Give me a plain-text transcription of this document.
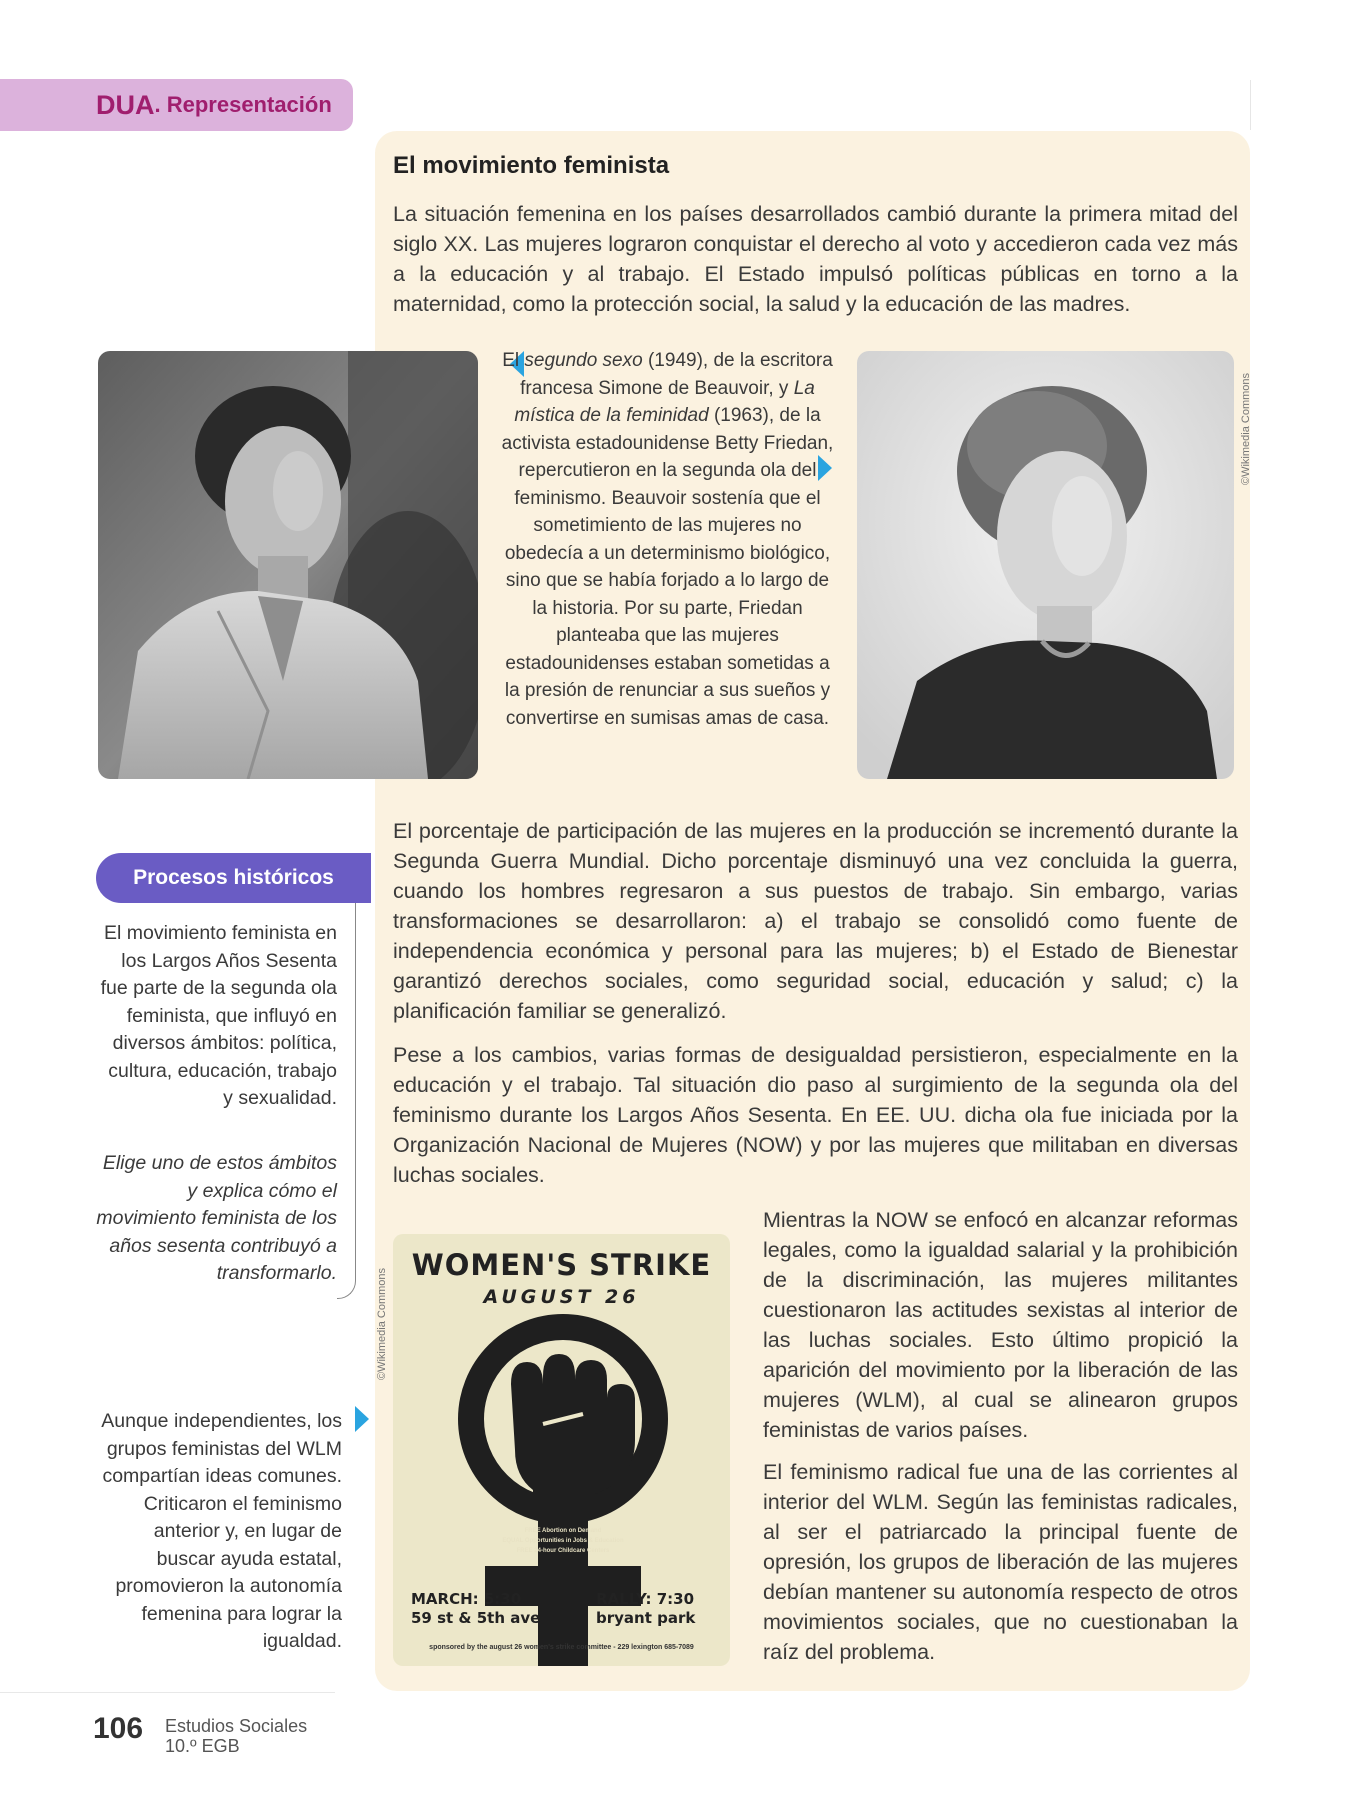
DUA . Representación
El movimiento feminista
La situación femenina en los países desarrollados cambió durante la primera mitad del siglo XX. Las mujeres lograron conquistar el derecho al voto y accedieron cada vez más a la educación y al trabajo. El Estado impulsó políticas públicas en torno a la maternidad, como la protección social, la salud y la educación de las madres.
El segundo sexo (1949), de la escritora francesa Simone de Beauvoir, y La mística de la feminidad (1963), de la activista estadounidense Betty Friedan, repercutieron en la segunda ola del feminismo. Beauvoir sostenía que el sometimiento de las mujeres no obedecía a un determinismo biológico, sino que se había forjado a lo largo de la historia. Por su parte, Friedan planteaba que las mujeres estadounidenses estaban sometidas a la presión de renunciar a sus sueños y convertirse en sumisas amas de casa.
©Wikimedia Commons
El porcentaje de participación de las mujeres en la producción se incrementó durante la Segunda Guerra Mundial. Dicho porcentaje disminuyó una vez concluida la guerra, cuando los hombres regresaron a sus puestos de trabajo. Sin embargo, varias transformaciones se desarrollaron: a) el trabajo se consolidó como fuente de independencia económica y personal para las mujeres; b) el Estado de Bienestar garantizó derechos sociales, como seguridad social, educación y salud; c) la planificación familiar se generalizó.
Pese a los cambios, varias formas de desigualdad persistieron, especialmente en la educación y el trabajo. Tal situación dio paso al surgimiento de la segunda ola del feminismo durante los Largos Años Sesenta. En EE. UU. dicha ola fue iniciada por la Organización Nacional de Mujeres (NOW) y por las mujeres que militaban en diversas luchas sociales.
Procesos históricos
El movimiento feminista en los Largos Años Sesenta fue parte de la segunda ola feminista, que influyó en diversos ámbitos: política, cultura, educación, trabajo y sexualidad.
Elige uno de estos ámbitos y explica cómo el movimiento feminista de los años sesenta contribuyó a transformarlo.
Aunque independientes, los grupos feministas del WLM compartían ideas comunes. Criticaron el feminismo anterior y, en lugar de buscar ayuda estatal, promovieron la autonomía femenina para lograr la igualdad.
©Wikimedia Commons
WOMEN'S STRIKE
AUGUST 26
FREE Abortion on Demand
EQUAL Opportunities in Jobs & Education
FREE 24-hour Childcare Centers
MARCH: 5:30
59 st & 5th ave
RALLY: 7:30
bryant park
sponsored by the august 26 women's strike committee - 229 lexington 685-7089
Mientras la NOW se enfocó en alcanzar reformas legales, como la igualdad salarial y la prohibición de la discriminación, las mujeres militantes cuestionaron las actitudes sexistas al interior de las luchas sociales. Esto último propició la aparición del movimiento por la liberación de las mujeres (WLM), al cual se alinearon grupos feministas de varios países.
El feminismo radical fue una de las corrientes al interior del WLM. Según las feministas radicales, al ser el patriarcado la principal fuente de opresión, los grupos de liberación de las mujeres debían mantener su autonomía respecto de otros movimientos sociales, que no cuestionaban la raíz del problema.
106 Estudios Sociales
10.º EGB
